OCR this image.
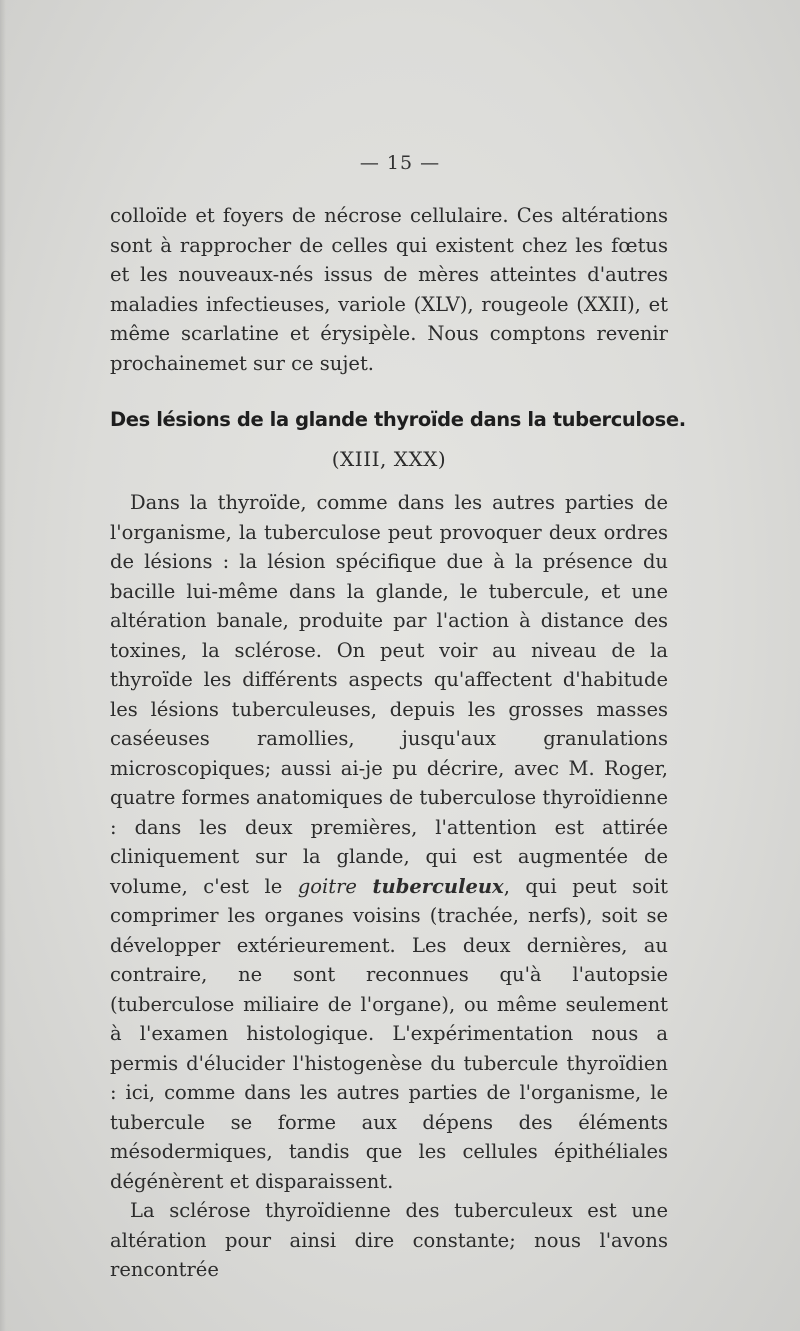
— 15 —

colloïde et foyers de nécrose cellulaire. Ces altérations sont à rapprocher de celles qui existent chez les fœtus et les nouveaux-nés issus de mères atteintes d'autres maladies infectieuses, variole (XLV), rougeole (XXII), et même scarlatine et érysipèle. Nous comptons revenir prochainemet sur ce sujet.

Des lésions de la glande thyroïde dans la tuberculose.
(XIII, XXX)

Dans la thyroïde, comme dans les autres parties de l'organisme, la tuberculose peut provoquer deux ordres de lésions : la lésion spécifique due à la présence du bacille lui-même dans la glande, le tubercule, et une altération banale, produite par l'action à distance des toxines, la sclérose. On peut voir au niveau de la thyroïde les différents aspects qu'affectent d'habitude les lésions tuberculeuses, depuis les grosses masses caséeuses ramollies, jusqu'aux granulations microscopiques; aussi ai-je pu décrire, avec M. Roger, quatre formes anatomiques de tuberculose thyroïdienne : dans les deux premières, l'attention est attirée cliniquement sur la glande, qui est augmentée de volume, c'est le goitre tuberculeux, qui peut soit comprimer les organes voisins (trachée, nerfs), soit se développer extérieurement. Les deux dernières, au contraire, ne sont reconnues qu'à l'autopsie (tuberculose miliaire de l'organe), ou même seulement à l'examen histologique. L'expérimentation nous a permis d'élucider l'histogenèse du tubercule thyroïdien : ici, comme dans les autres parties de l'organisme, le tubercule se forme aux dépens des éléments mésodermiques, tandis que les cellules épithéliales dégénèrent et disparaissent.

La sclérose thyroïdienne des tuberculeux est une altération pour ainsi dire constante; nous l'avons rencontrée
